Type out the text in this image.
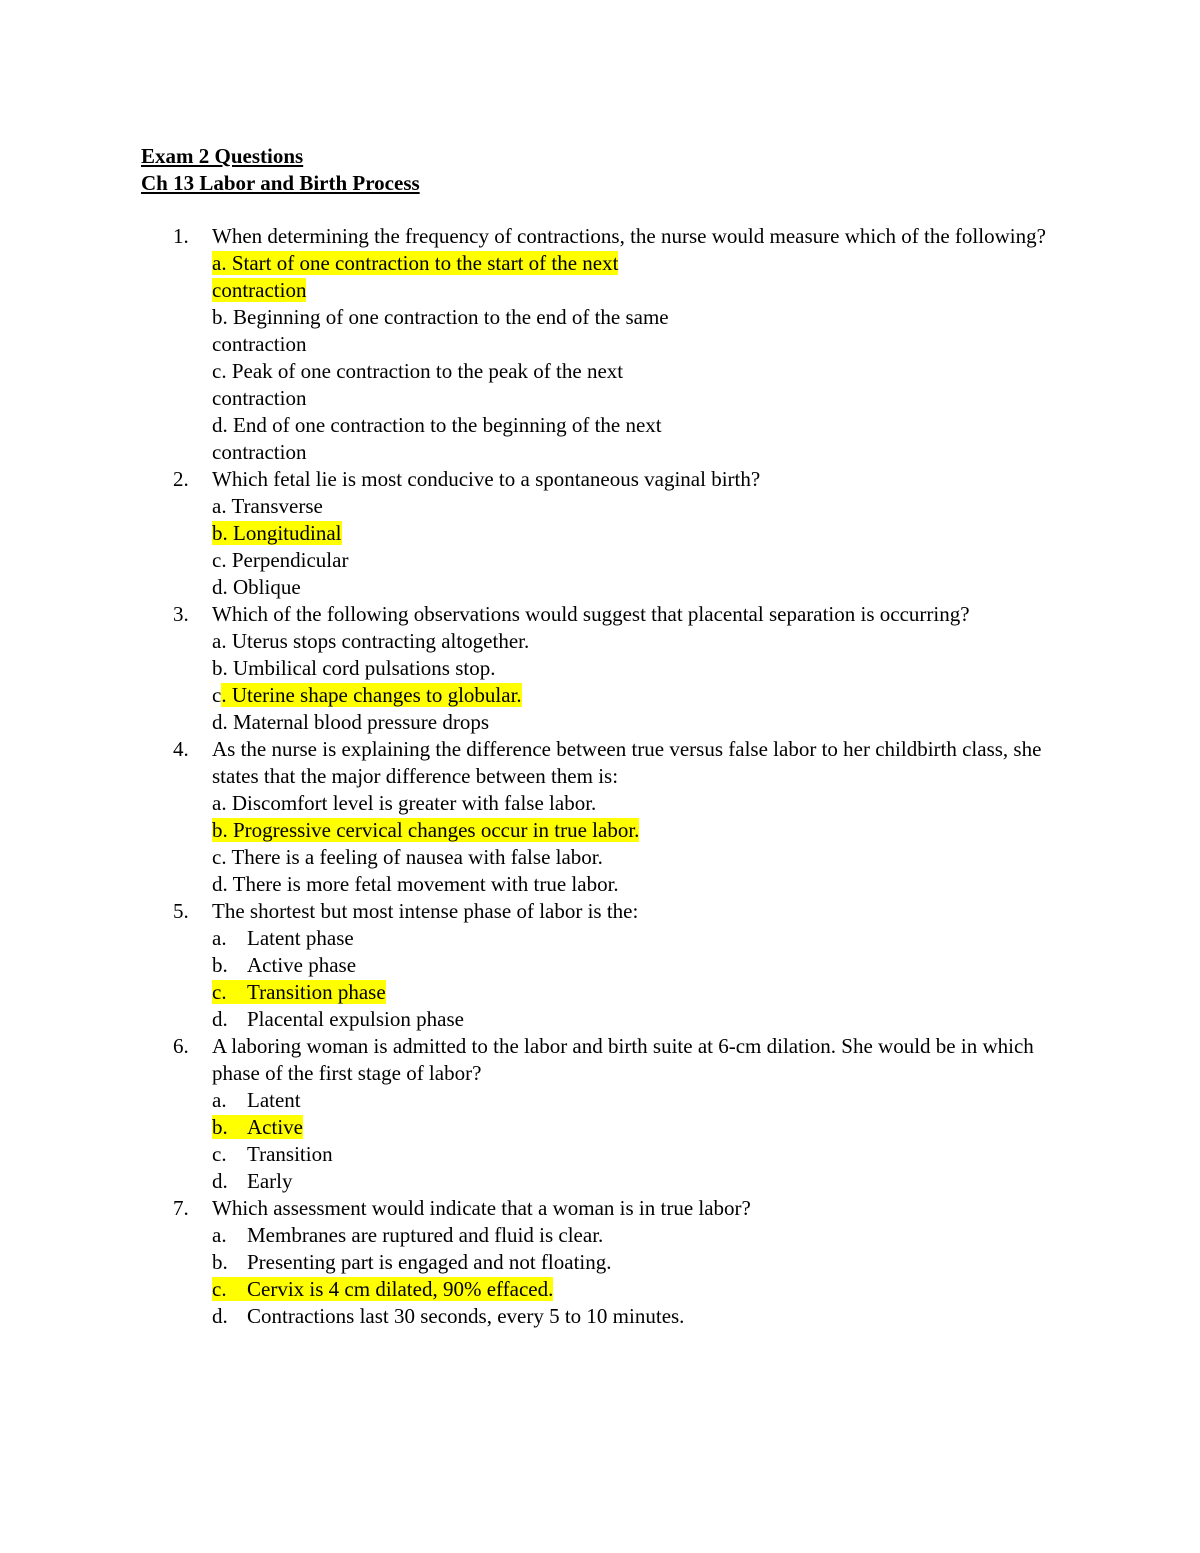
Exam 2 Questions
Ch 13 Labor and Birth Process
1.	When determining the frequency of contractions, the nurse would measure which of the following?
a. Start of one contraction to the start of the next contraction
b. Beginning of one contraction to the end of the same contraction
c. Peak of one contraction to the peak of the next contraction
d. End of one contraction to the beginning of the next contraction
2.	Which fetal lie is most conducive to a spontaneous vaginal birth?
a. Transverse
b. Longitudinal
c. Perpendicular
d. Oblique
3.	Which of the following observations would suggest that placental separation is occurring?
a. Uterus stops contracting altogether.
b. Umbilical cord pulsations stop.
c. Uterine shape changes to globular.
d. Maternal blood pressure drops
4.	As the nurse is explaining the difference between true versus false labor to her childbirth class, she states that the major difference between them is:
a. Discomfort level is greater with false labor.
b. Progressive cervical changes occur in true labor.
c. There is a feeling of nausea with false labor.
d. There is more fetal movement with true labor.
5.	The shortest but most intense phase of labor is the:
a. Latent phase
b. Active phase
c. Transition phase
d. Placental expulsion phase
6.	A laboring woman is admitted to the labor and birth suite at 6-cm dilation. She would be in which phase of the first stage of labor?
a. Latent
b. Active
c. Transition
d. Early
7.	Which assessment would indicate that a woman is in true labor?
a. Membranes are ruptured and fluid is clear.
b. Presenting part is engaged and not floating.
c. Cervix is 4 cm dilated, 90% effaced.
d. Contractions last 30 seconds, every 5 to 10 minutes.
